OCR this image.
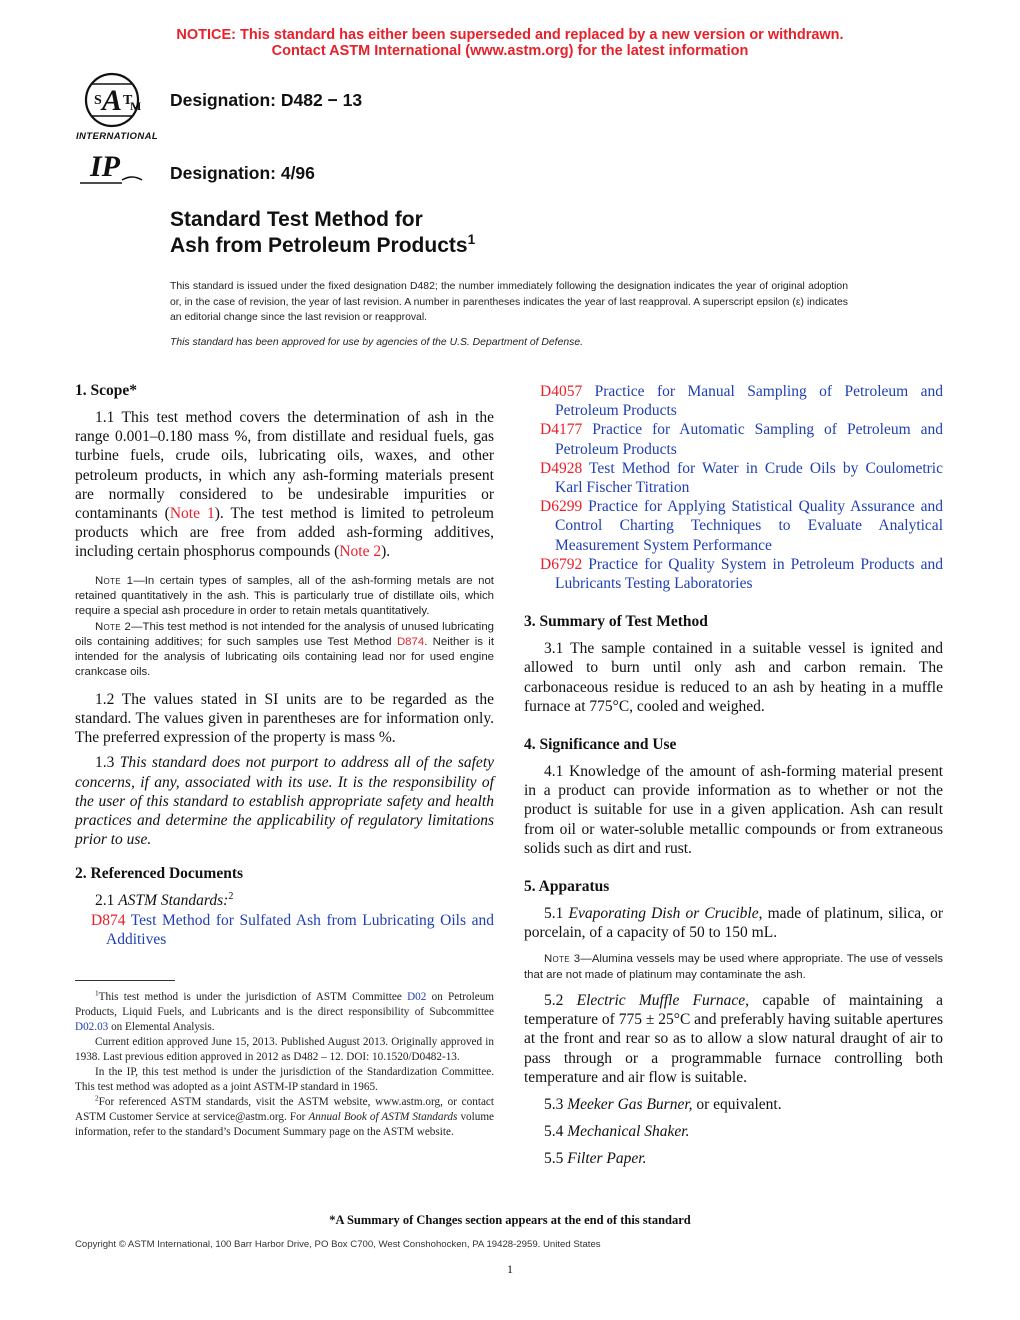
NOTICE: This standard has either been superseded and replaced by a new version or withdrawn.
Contact ASTM International (www.astm.org) for the latest information
A
S T
M
INTERNATIONAL
Designation: D482 − 13
IP	Designation: 4/96
Standard Test Method for
Ash from Petroleum Products$^1$
This standard is issued under the fixed designation D482; the number immediately following the designation indicates the year of original adoption or, in the case of revision, the year of last revision. A number in parentheses indicates the year of last reapproval. A superscript epsilon (ε) indicates an editorial change since the last revision or reapproval.
This standard has been approved for use by agencies of the U.S. Department of Defense.
1. Scope*

1.1 This test method covers the determination of ash in the range 0.001–0.180 mass %, from distillate and residual fuels, gas turbine fuels, crude oils, lubricating oils, waxes, and other petroleum products, in which any ash-forming materials present are normally considered to be undesirable impurities or contaminants (Note 1). The test method is limited to petroleum products which are free from added ash-forming additives, including certain phosphorus compounds (Note 2).

Note 1—In certain types of samples, all of the ash-forming metals are not retained quantitatively in the ash. This is particularly true of distillate oils, which require a special ash procedure in order to retain metals quantitatively.

Note 2—This test method is not intended for the analysis of unused lubricating oils containing additives; for such samples use Test Method D874. Neither is it intended for the analysis of lubricating oils containing lead nor for used engine crankcase oils.

1.2 The values stated in SI units are to be regarded as the standard. The values given in parentheses are for information only. The preferred expression of the property is mass %.

1.3 This standard does not purport to address all of the safety concerns, if any, associated with its use. It is the responsibility of the user of this standard to establish appropriate safety and health practices and determine the applicability of regulatory limitations prior to use.

2. Referenced Documents

2.1 ASTM Standards:$^2$

D874 Test Method for Sulfated Ash from Lubricating Oils and Additives

$^1$This test method is under the jurisdiction of ASTM Committee D02 on Petroleum Products, Liquid Fuels, and Lubricants and is the direct responsibility of Subcommittee D02.03 on Elemental Analysis.

Current edition approved June 15, 2013. Published August 2013. Originally approved in 1938. Last previous edition approved in 2012 as D482 – 12. DOI: 10.1520/D0482-13.

In the IP, this test method is under the jurisdiction of the Standardization Committee. This test method was adopted as a joint ASTM-IP standard in 1965.

$^2$For referenced ASTM standards, visit the ASTM website, www.astm.org, or contact ASTM Customer Service at service@astm.org. For Annual Book of ASTM Standards volume information, refer to the standard’s Document Summary page on the ASTM website.

D4057 Practice for Manual Sampling of Petroleum and Petroleum Products

D4177 Practice for Automatic Sampling of Petroleum and Petroleum Products

D4928 Test Method for Water in Crude Oils by Coulometric Karl Fischer Titration

D6299 Practice for Applying Statistical Quality Assurance and Control Charting Techniques to Evaluate Analytical Measurement System Performance

D6792 Practice for Quality System in Petroleum Products and Lubricants Testing Laboratories

3. Summary of Test Method

3.1 The sample contained in a suitable vessel is ignited and allowed to burn until only ash and carbon remain. The carbonaceous residue is reduced to an ash by heating in a muffle furnace at 775°C, cooled and weighed.

4. Significance and Use

4.1 Knowledge of the amount of ash-forming material present in a product can provide information as to whether or not the product is suitable for use in a given application. Ash can result from oil or water-soluble metallic compounds or from extraneous solids such as dirt and rust.

5. Apparatus

5.1 Evaporating Dish or Crucible, made of platinum, silica, or porcelain, of a capacity of 50 to 150 mL.

Note 3—Alumina vessels may be used where appropriate. The use of vessels that are not made of platinum may contaminate the ash.

5.2 Electric Muffle Furnace, capable of maintaining a temperature of 775 ± 25°C and preferably having suitable apertures at the front and rear so as to allow a slow natural draught of air to pass through or a programmable furnace controlling both temperature and air flow is suitable.

5.3 Meeker Gas Burner, or equivalent.

5.4 Mechanical Shaker.

5.5 Filter Paper.

*A Summary of Changes section appears at the end of this standard
Copyright © ASTM International, 100 Barr Harbor Drive, PO Box C700, West Conshohocken, PA 19428-2959. United States
1
